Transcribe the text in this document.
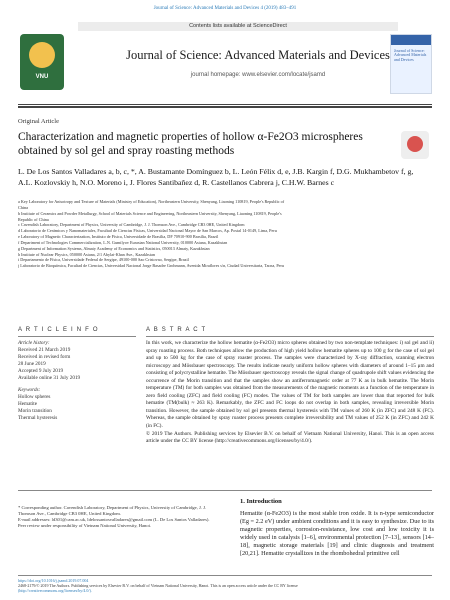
Journal of Science: Advanced Materials and Devices 4 (2019) 483–491
Contents lists available at ScienceDirect
VNU
Journal of Science: Advanced Materials and Devices
journal homepage: www.elsevier.com/locate/jsamd
Journal of Science: Advanced Materials and Devices
Original Article
Characterization and magnetic properties of hollow α-Fe2O3 microspheres obtained by sol gel and spray roasting methods
L. De Los Santos Valladares a, b, c, *, A. Bustamante Domínguez b, L. León Félix d, e, J.B. Kargin f, D.G. Mukhambetov f, g, A.L. Kozlovskiy h, N.O. Moreno i, J. Flores Santibañez d, R. Castellanos Cabrera j, C.H.W. Barnes c
a Key Laboratory for Anisotropy and Texture of Materials (Ministry of Education), Northeastern University, Shenyang, Liaoning 110819, People's Republic of
China
b Institute of Ceramics and Powder Metallurgy, School of Materials Science and Engineering, Northeastern University, Shenyang, Liaoning 110819, People's
Republic of China
c Cavendish Laboratory, Department of Physics, University of Cambridge, J. J. Thomson Ave., Cambridge CB3 0HE, United Kingdom
d Laboratorio de Cerámicos y Nanomateriales, Facultad de Ciencias Físicas, Universidad Nacional Mayor de San Marcos, Ap. Postal 14-0149, Lima, Peru
e Laboratory of Magnetic Characterization, Instituto de Física, Universidade de Brasília, DF 70910-900 Brasília, Brazil
f Department of Technologies Commercialization, L.N. Gumilyov Eurasian National University, 010000 Astana, Kazakhstan
g Department of Information Systems, Almaty Academy of Economics and Statistics, 050013 Almaty, Kazakhstan
h Institute of Nuclear Physics, 050000 Astana, 2/1 Abylai-Khan Ave., Kazakhstan
i Departamento de Física, Universidade Federal de Sergipe, 49100-000 Sao Cristovao, Sergipe, Brazil
j Laboratorio de Bioquímica, Facultad de Ciencias, Universidad Nacional Jorge Basadre Grohmann, Avenida Miraflores s/n, Ciudad Universitaria, Tacna, Peru
A R T I C L E I N F O	A B S T R A C T
Article history:
Received 21 March 2019
Received in revised form
28 June 2019
Accepted 9 July 2019
Available online 31 July 2019
Keywords:
Hollow spheres
Hematite
Morin transition
Thermal hysteresis
In this work, we characterize the hollow hematite (α-Fe2O3) micro spheres obtained by two non-template techniques: i) sol gel and ii) spray roasting process. Both techniques allow the production of high yield hollow hematite spheres up to 100 g for the case of sol gel and up to 500 kg for the case of spray roaster process. The samples were characterized by X-ray diffraction, scanning electron microscopy and Mössbauer spectroscopy. The results indicate nearly uniform hollow spheres with diameters of around 1–15 μm and consisting of polycrystalline hematite. The Mössbauer spectroscopy reveals the signal change of quadrupole shift values evidencing the occurrence of the Morin transition and that the samples show an antiferromagnetic order at 77 K as in bulk hematite. The Morin temperature (TM) for both samples was obtained from the measurements of the magnetic moments as a function of the temperature in zero field cooling (ZFC) and field cooling (FC) modes. The values of TM for both samples are lower than that reported for bulk hematite (TM(bulk) ≈ 263 K). Remarkably, the ZFC and FC loops do not overlap in both samples, revealing irreversible Morin transition. However, the sample obtained by sol gel presents thermal hysteresis with TM values of 260 K (in ZFC) and 248 K (FC). Whereas, the sample obtained by spray roaster process presents complete irreversibility and TM values of 252 K (in ZFC) and 242 K (in FC).
© 2019 The Authors. Publishing services by Elsevier B.V. on behalf of Vietnam National University, Hanoi. This is an open access article under the CC BY license (http://creativecommons.org/licenses/by/4.0/).
1. Introduction
Hematite (α-Fe2O3) is the most stable iron oxide. It is n-type semiconductor (Eg = 2.2 eV) under ambient conditions and it is easy to synthesize. Due to its magnetic properties, corrosion-resistance, low cost and low toxicity it is widely used in catalysis [1–6], environmental protection [7–13], sensors [14–18], magnetic storage materials [19] and clinic diagnosis and treatment [20,21]. Hematite crystallizes in the rhombohedral primitive cell
* Corresponding author. Cavendish Laboratory, Department of Physics, University of Cambridge, J. J. Thomson Ave., Cambridge CB3 0HE, United Kingdom.
E-mail addresses: ld301@cam.ac.uk, ldelossantosvalladares@gmail.com (L. De Los Santos Valladares).
Peer review under responsibility of Vietnam National University, Hanoi.
https://doi.org/10.1016/j.jsamd.2019.07.004
2468-2179/© 2019 The Authors. Publishing services by Elsevier B.V. on behalf of Vietnam National University, Hanoi. This is an open access article under the CC BY license
(http://creativecommons.org/licenses/by/4.0/).
